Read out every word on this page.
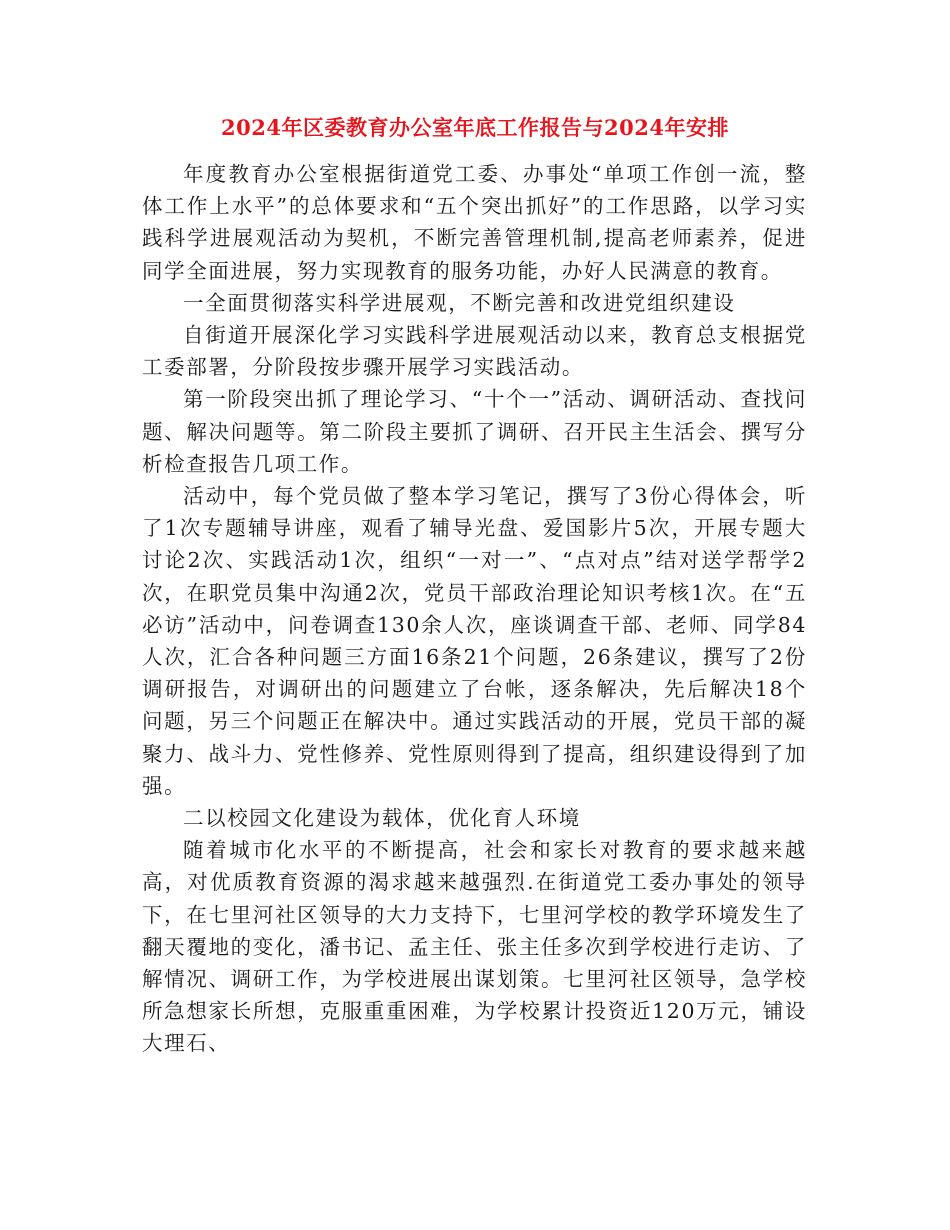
2024年区委教育办公室年底工作报告与2024年安排

年度教育办公室根据街道党工委、办事处“单项工作创一流，整体工作上水平”的总体要求和“五个突出抓好”的工作思路，以学习实践科学进展观活动为契机，不断完善管理机制,提高老师素养，促进同学全面进展，努力实现教育的服务功能，办好人民满意的教育。

一全面贯彻落实科学进展观，不断完善和改进党组织建设

自街道开展深化学习实践科学进展观活动以来，教育总支根据党工委部署，分阶段按步骤开展学习实践活动。

第一阶段突出抓了理论学习、“十个一”活动、调研活动、查找问题、解决问题等。第二阶段主要抓了调研、召开民主生活会、撰写分析检查报告几项工作。

活动中，每个党员做了整本学习笔记，撰写了3份心得体会，听了1次专题辅导讲座，观看了辅导光盘、爱国影片5次，开展专题大讨论2次、实践活动1次，组织“一对一”、“点对点”结对送学帮学2次，在职党员集中沟通2次，党员干部政治理论知识考核1次。在“五必访”活动中，问卷调查130余人次，座谈调查干部、老师、同学84人次，汇合各种问题三方面16条21个问题，26条建议，撰写了2份调研报告，对调研出的问题建立了台帐，逐条解决，先后解决18个问题，另三个问题正在解决中。通过实践活动的开展，党员干部的凝聚力、战斗力、党性修养、党性原则得到了提高，组织建设得到了加强。

二以校园文化建设为载体，优化育人环境

随着城市化水平的不断提高，社会和家长对教育的要求越来越高，对优质教育资源的渴求越来越强烈.在街道党工委办事处的领导下，在七里河社区领导的大力支持下，七里河学校的教学环境发生了翻天覆地的变化，潘书记、孟主任、张主任多次到学校进行走访、了解情况、调研工作，为学校进展出谋划策。七里河社区领导，急学校所急想家长所想，克服重重困难，为学校累计投资近120万元，铺设大理石、
